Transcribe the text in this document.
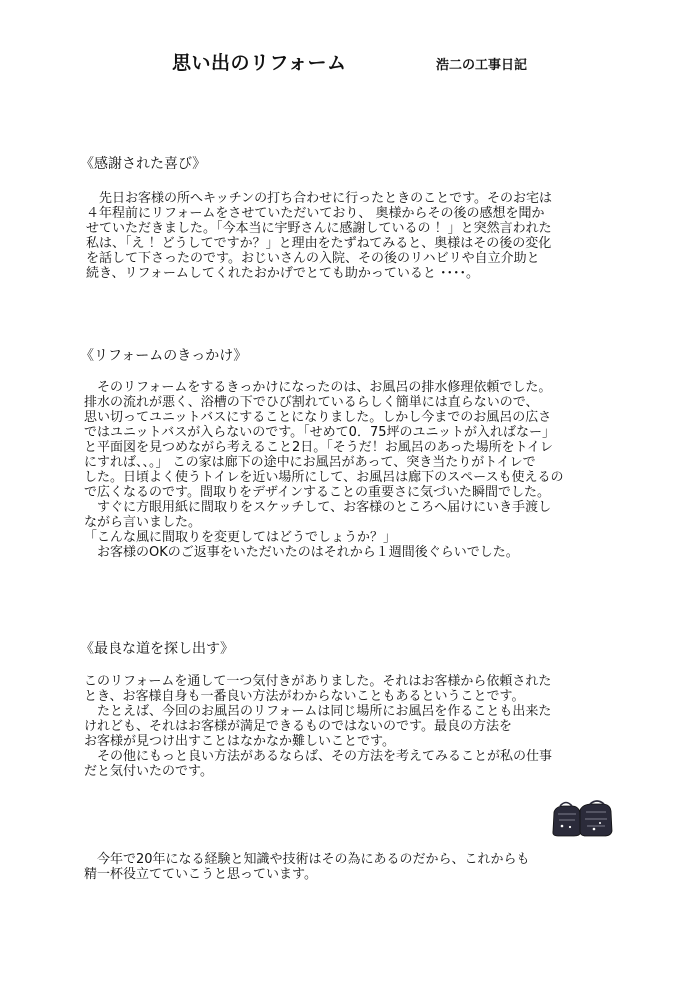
思い出のリフォーム	浩二の工事日記
《感謝された喜び》
　先日お客様の所へキッチンの打ち合わせに行ったときのことです。そのお宅は
４年程前にリフォームをさせていただいており、 奥様からその後の感想を聞か
せていただきました。「今本当に宇野さんに感謝しているの ！」と突然言われた
私は、「え ！どうしてですか？」と理由をたずねてみると、奥様はその後の変化
を話して下さったのです。おじいさんの入院、その後のリハビリや自立介助と
続き、リフォームしてくれたおかげでとても助かっていると ････。
《リフォームのきっかけ》
　そのリフォームをするきっかけになったのは、お風呂の排水修理依頼でした。
排水の流れが悪く、浴槽の下でひび割れているらしく簡単には直らないので、
思い切ってユニットバスにすることになりました。しかし今までのお風呂の広さ
ではユニットバスが入らないのです。「せめて0．75坪のユニットが入ればなー」
と平面図を見つめながら考えること2日。「そうだ！お風呂のあった場所をトイレ
にすれば、、。」 この家は廊下の途中にお風呂があって、突き当たりがトイレで
した。日頃よく使うトイレを近い場所にして、お風呂は廊下のスペースも使えるの
で広くなるのです。間取りをデザインすることの重要さに気づいた瞬間でした。
　すぐに方眼用紙に間取りをスケッチして、お客様のところへ届けにいき手渡し
ながら言いました。
「こんな風に間取りを変更してはどうでしょうか？」
　お客様のOKのご返事をいただいたのはそれから１週間後ぐらいでした。
《最良な道を探し出す》
このリフォームを通して一つ気付きがありました。それはお客様から依頼された
とき、お客様自身も一番良い方法がわからないこともあるということです。
　たとえば、今回のお風呂のリフォームは同じ場所にお風呂を作ることも出来た
けれども、それはお客様が満足できるものではないのです。最良の方法を
お客様が見つけ出すことはなかなか難しいことです。
　その他にもっと良い方法があるならば、その方法を考えてみることが私の仕事
だと気付いたのです。
　今年で20年になる経験と知識や技術はその為にあるのだから、これからも
精一杯役立てていこうと思っています。
